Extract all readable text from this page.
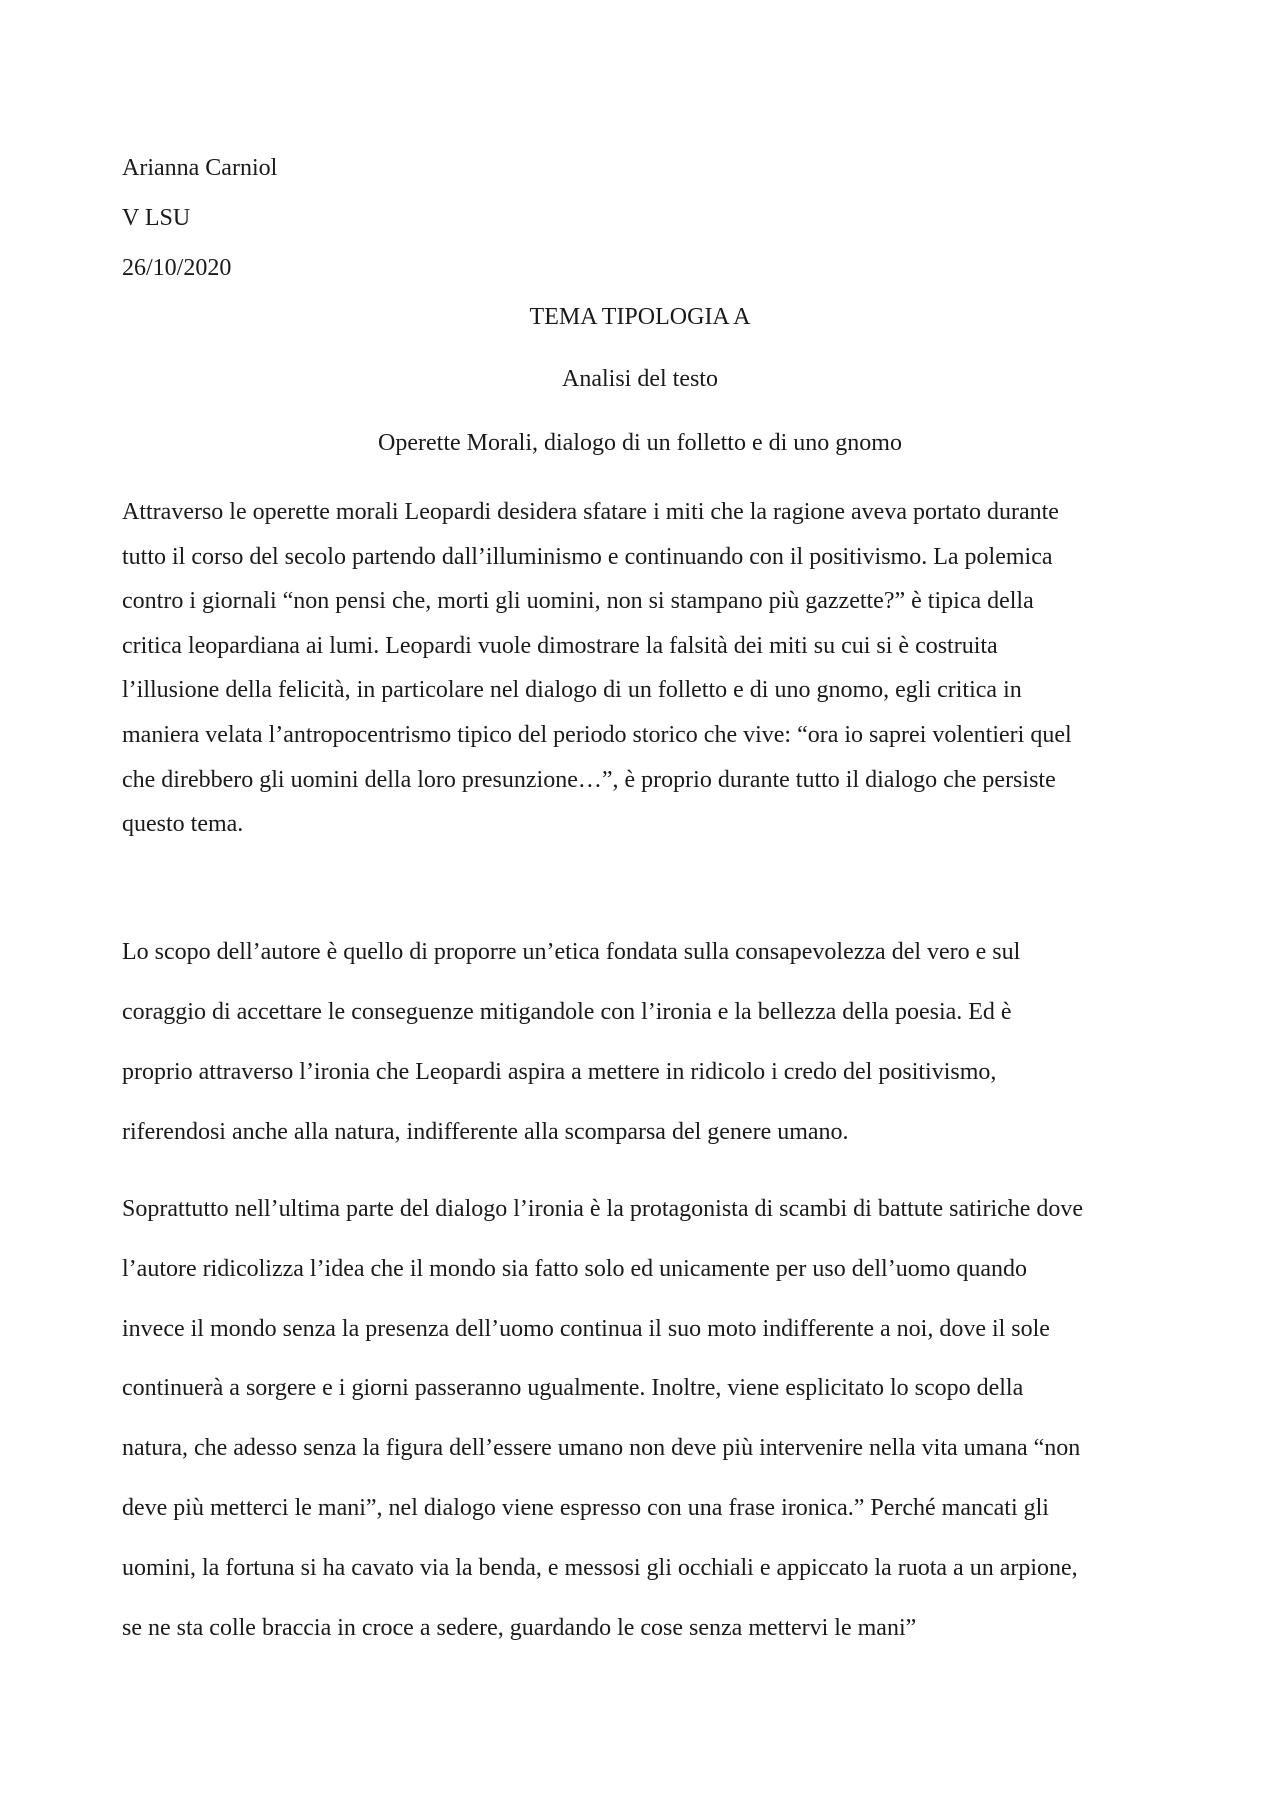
Arianna Carniol
V LSU
26/10/2020
TEMA TIPOLOGIA A
Analisi del testo
Operette Morali, dialogo di un folletto e di uno gnomo
Attraverso le operette morali Leopardi desidera sfatare i miti che la ragione aveva portato durante
tutto il corso del secolo partendo dall’illuminismo e continuando con il positivismo. La polemica
contro i giornali “non pensi che, morti gli uomini, non si stampano più gazzette?” è tipica della
critica leopardiana ai lumi. Leopardi vuole dimostrare la falsità dei miti su cui si è costruita
l’illusione della felicità, in particolare nel dialogo di un folletto e di uno gnomo, egli critica in
maniera velata l’antropocentrismo tipico del periodo storico che vive: “ora io saprei volentieri quel
che direbbero gli uomini della loro presunzione…”, è proprio durante tutto il dialogo che persiste
questo tema.
Lo scopo dell’autore è quello di proporre un’etica fondata sulla consapevolezza del vero e sul
coraggio di accettare le conseguenze mitigandole con l’ironia e la bellezza della poesia. Ed è
proprio attraverso l’ironia che Leopardi aspira a mettere in ridicolo i credo del positivismo,
riferendosi anche alla natura, indifferente alla scomparsa del genere umano.
Soprattutto nell’ultima parte del dialogo l’ironia è la protagonista di scambi di battute satiriche dove
l’autore ridicolizza l’idea che il mondo sia fatto solo ed unicamente per uso dell’uomo quando
invece il mondo senza la presenza dell’uomo continua il suo moto indifferente a noi, dove il sole
continuerà a sorgere e i giorni passeranno ugualmente. Inoltre, viene esplicitato lo scopo della
natura, che adesso senza la figura dell’essere umano non deve più intervenire nella vita umana “non
deve più metterci le mani”, nel dialogo viene espresso con una frase ironica.” Perché mancati gli
uomini, la fortuna si ha cavato via la benda, e messosi gli occhiali e appiccato la ruota a un arpione,
se ne sta colle braccia in croce a sedere, guardando le cose senza mettervi le mani”
